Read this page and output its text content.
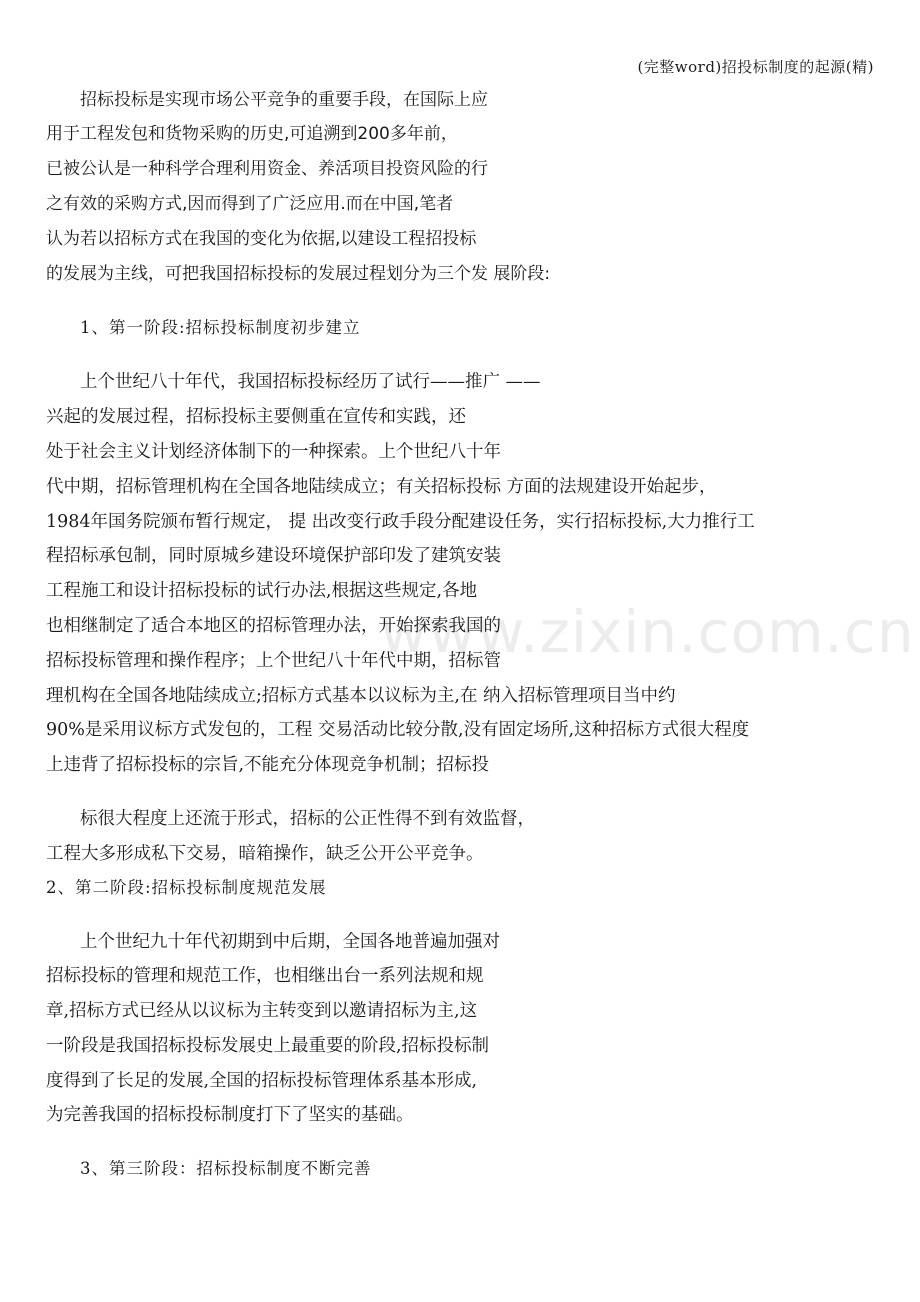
(完整word)招投标制度的起源(精)
www.zixin.com.cn
招标投标是实现市场公平竞争的重要手段，在国际上应
用于工程发包和货物采购的历史,可追溯到200多年前，
已被公认是一种科学合理利用资金、养活项目投资风险的行
之有效的采购方式,因而得到了广泛应用.而在中国,笔者
认为若以招标方式在我国的变化为依据,以建设工程招投标
的发展为主线，可把我国招标投标的发展过程划分为三个发 展阶段:
1、第一阶段:招标投标制度初步建立
上个世纪八十年代，我国招标投标经历了试行——推广 ——
兴起的发展过程，招标投标主要侧重在宣传和实践，还
处于社会主义计划经济体制下的一种探索。上个世纪八十年
代中期，招标管理机构在全国各地陆续成立；有关招标投标 方面的法规建设开始起步，
1984年国务院颁布暂行规定， 提 出改变行政手段分配建设任务，实行招标投标,大力推行工
程招标承包制，同时原城乡建设环境保护部印发了建筑安装
工程施工和设计招标投标的试行办法,根据这些规定,各地
也相继制定了适合本地区的招标管理办法，开始探索我国的
招标投标管理和操作程序；上个世纪八十年代中期，招标管
理机构在全国各地陆续成立;招标方式基本以议标为主,在 纳入招标管理项目当中约
90%是采用议标方式发包的，工程 交易活动比较分散,没有固定场所,这种招标方式很大程度
上违背了招标投标的宗旨,不能充分体现竞争机制；招标投
标很大程度上还流于形式，招标的公正性得不到有效监督，
工程大多形成私下交易，暗箱操作，缺乏公开公平竞争。
2、第二阶段:招标投标制度规范发展
上个世纪九十年代初期到中后期，全国各地普遍加强对
招标投标的管理和规范工作，也相继出台一系列法规和规
章,招标方式已经从以议标为主转变到以邀请招标为主,这
一阶段是我国招标投标发展史上最重要的阶段,招标投标制
度得到了长足的发展,全国的招标投标管理体系基本形成,
为完善我国的招标投标制度打下了坚实的基础。
3、第三阶段：招标投标制度不断完善
